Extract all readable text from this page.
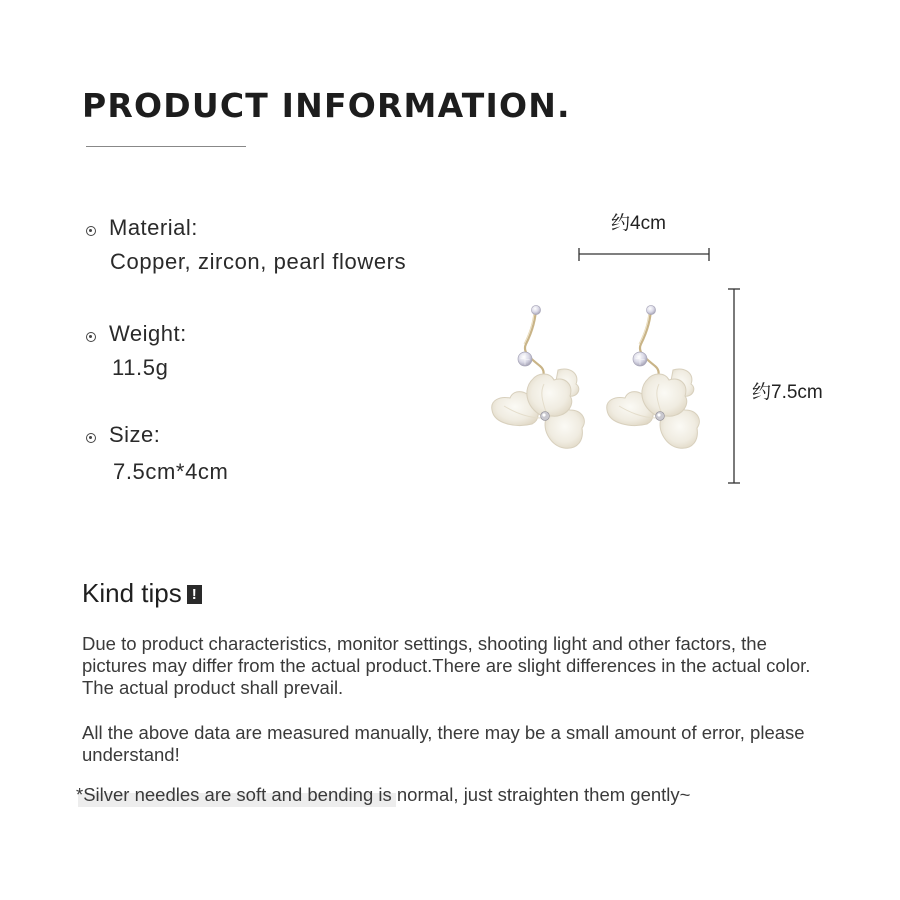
PRODUCT INFORMATION.
Material:
Copper, zircon, pearl flowers
Weight:
11.5g
Size:
7.5cm*4cm
约4cm
约7.5cm
Kind tips !

Due to product characteristics, monitor settings, shooting light and other factors, the pictures may differ from the actual product.There are slight differences in the actual color. The actual product shall prevail.

All the above data are measured manually, there may be a small amount of error, please understand!

*Silver needles are soft and bending is normal, just straighten them gently~
